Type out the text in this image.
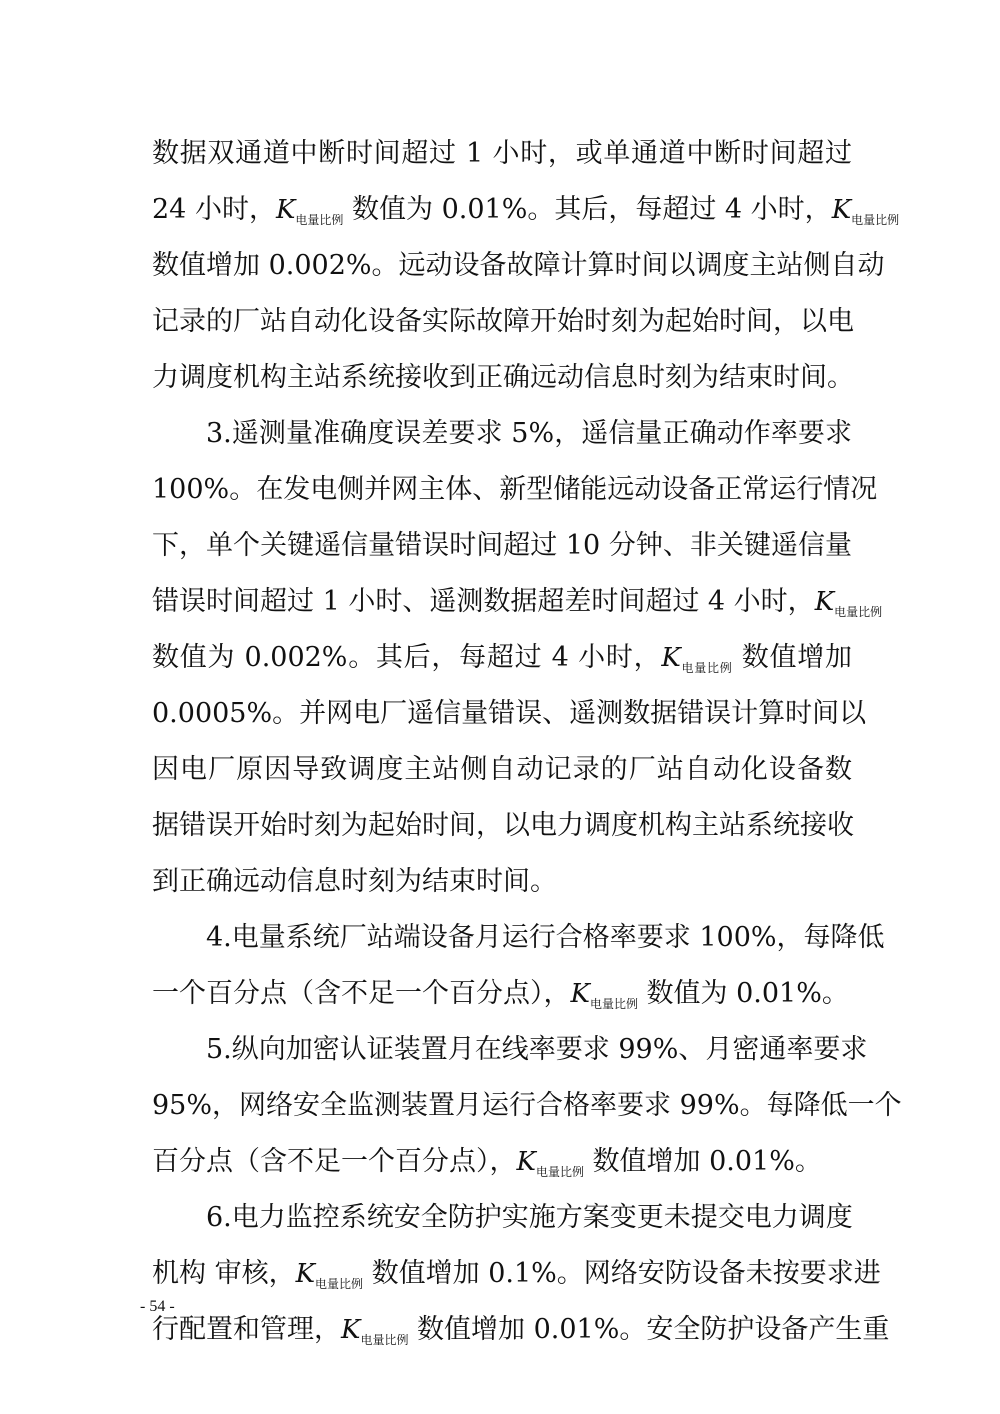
数据双通道中断时间超过 1 小时，或单通道中断时间超过
24 小时，$K_{电量比例}$ 数值为 0.01%。其后，每超过 4 小时，$K_{电量比例}$
数值增加 0.002%。远动设备故障计算时间以调度主站侧自动
记录的厂站自动化设备实际故障开始时刻为起始时间，以电
力调度机构主站系统接收到正确远动信息时刻为结束时间。
3.遥测量准确度误差要求 5%，遥信量正确动作率要求
100%。在发电侧并网主体、新型储能远动设备正常运行情况
下，单个关键遥信量错误时间超过 10 分钟、非关键遥信量
错误时间超过 1 小时、遥测数据超差时间超过 4 小时，$K_{电量比例}$
数值为 0.002%。其后，每超过 4 小时，$K_{电量比例}$ 数值增加
0.0005%。并网电厂遥信量错误、遥测数据错误计算时间以
因电厂原因导致调度主站侧自动记录的厂站自动化设备数
据错误开始时刻为起始时间，以电力调度机构主站系统接收
到正确远动信息时刻为结束时间。
4.电量系统厂站端设备月运行合格率要求 100%，每降低
一个百分点（含不足一个百分点），$K_{电量比例}$ 数值为 0.01%。
5.纵向加密认证装置月在线率要求 99%、月密通率要求
95%，网络安全监测装置月运行合格率要求 99%。每降低一个
百分点（含不足一个百分点），$K_{电量比例}$ 数值增加 0.01%。
6.电力监控系统安全防护实施方案变更未提交电力调度
机构 审核，$K_{电量比例}$ 数值增加 0.1%。网络安防设备未按要求进
行配置和管理，$K_{电量比例}$ 数值增加 0.01%。安全防护设备产生重
- 54 -
